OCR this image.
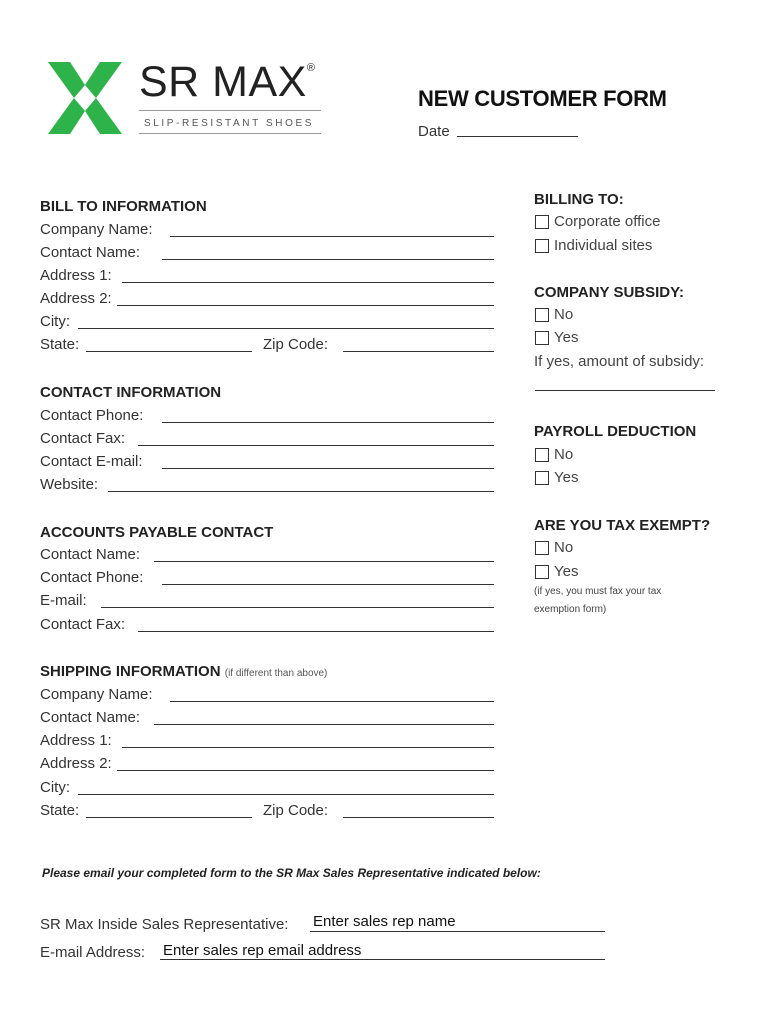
SR MAX®
SLIP-RESISTANT SHOES
NEW CUSTOMER FORM
Date
BILL TO INFORMATION
Company Name:
Contact Name:
Address 1:
Address 2:
City:
State:	Zip Code:
CONTACT INFORMATION
Contact Phone:
Contact Fax:
Contact E-mail:
Website:
ACCOUNTS PAYABLE CONTACT
Contact Name:
Contact Phone:
E-mail:
Contact Fax:
SHIPPING INFORMATION (if different than above)
Company Name:
Contact Name:
Address 1:
Address 2:
City:
State:	Zip Code:
BILLING TO:
Corporate office
Individual sites
COMPANY SUBSIDY:
No
Yes
If yes, amount of subsidy:
PAYROLL DEDUCTION
No
Yes
ARE YOU TAX EXEMPT?
No
Yes
(if yes, you must fax your tax
exemption form)
Please email your completed form to the SR Max Sales Representative indicated below:
SR Max Inside Sales Representative: Enter sales rep name
E-mail Address: Enter sales rep email address
